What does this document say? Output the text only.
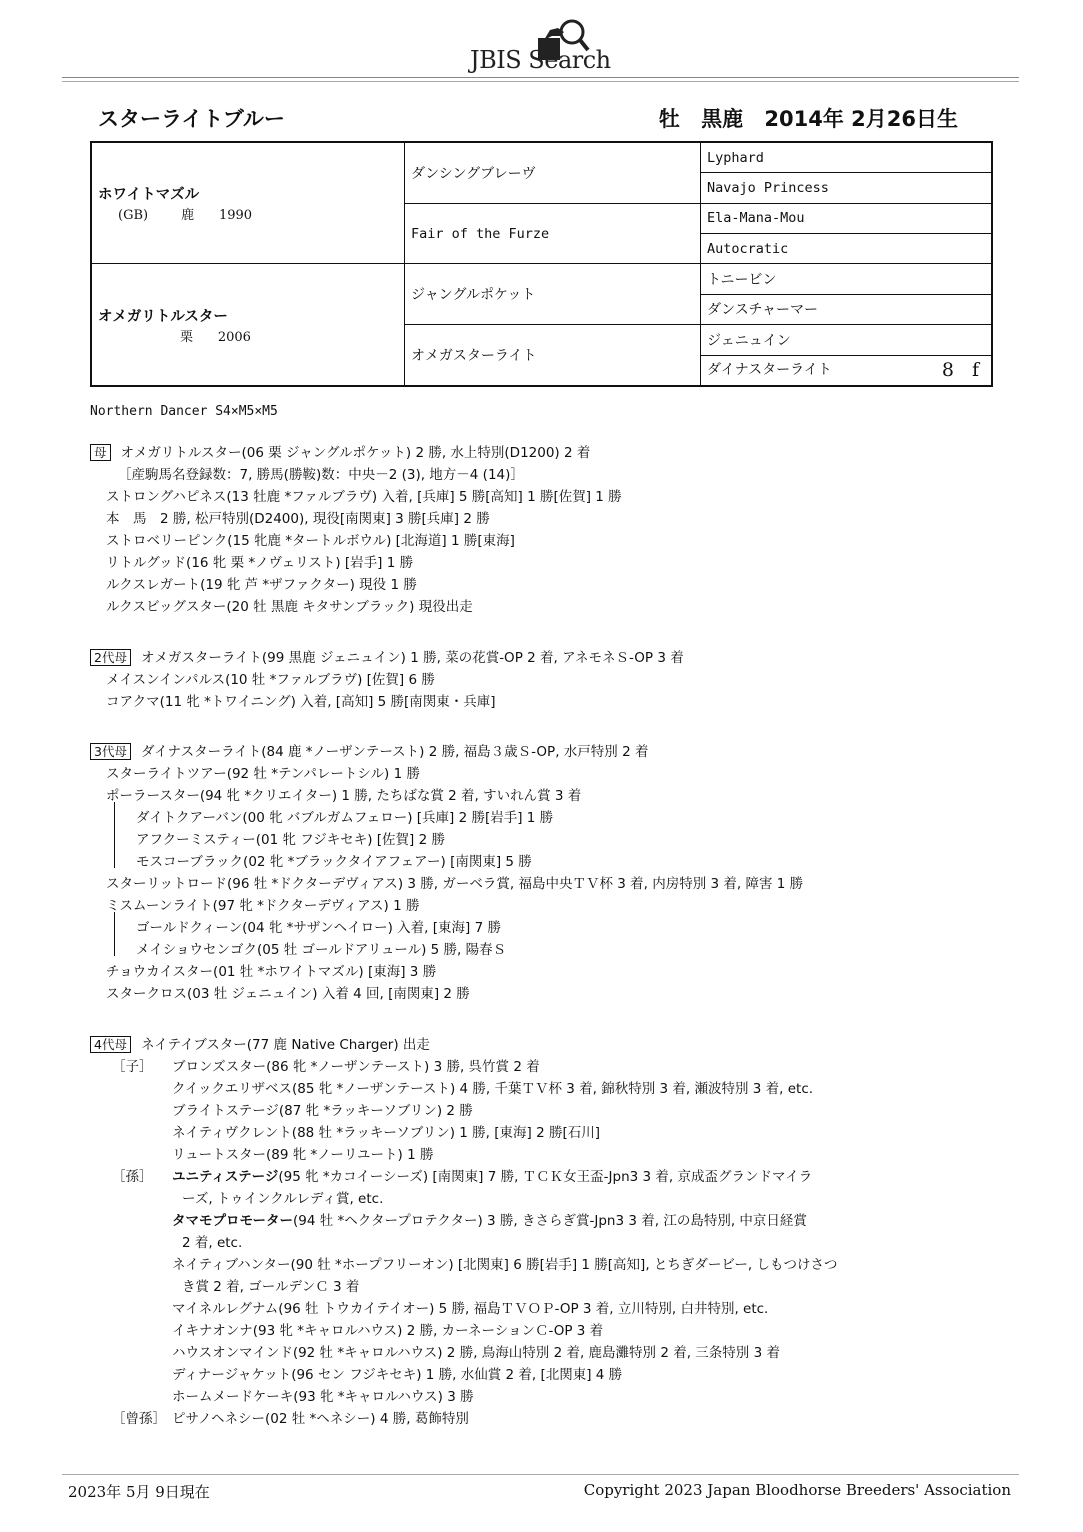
JBIS Search
スターライトブルー	牡 黒鹿 2014年 2月26日生
ホワイトマズル
(GB) 鹿 1990	ダンシングブレーヴ	Lyphard
		Navajo Princess
	Fair of the Furze	Ela-Mana-Mou
		Autocratic

オメガリトルスター
栗 2006	ジャングルポケット	トニービン
		ダンスチャーマー
	オメガスターライト	ジェニュイン

		ダイナスターライト 8 f
Northern Dancer S4×M5×M5
母 オメガリトルスター(06 栗 ジャングルポケット) 2 勝, 水上特別(D1200) 2 着
［産駒馬名登録数：7, 勝馬(勝鞍)数：中央－2 (3), 地方－4 (14)］
ストロングハピネス(13 牡鹿 *ファルブラヴ) 入着, [兵庫] 5 勝[高知] 1 勝[佐賀] 1 勝
本　馬　2 勝, 松戸特別(D2400), 現役[南関東] 3 勝[兵庫] 2 勝
ストロベリーピンク(15 牝鹿 *タートルボウル) [北海道] 1 勝[東海]
リトルグッド(16 牝 栗 *ノヴェリスト) [岩手] 1 勝
ルクスレガート(19 牝 芦 *ザファクター) 現役 1 勝
ルクスビッグスター(20 牡 黒鹿 キタサンブラック) 現役出走
2代母 オメガスターライト(99 黒鹿 ジェニュイン) 1 勝, 菜の花賞-OP 2 着, アネモネＳ-OP 3 着
メイスンインパルス(10 牡 *ファルブラヴ) [佐賀] 6 勝
コアクマ(11 牝 *トワイニング) 入着, [高知] 5 勝[南関東・兵庫]
3代母 ダイナスターライト(84 鹿 *ノーザンテースト) 2 勝, 福島３歳Ｓ-OP, 水戸特別 2 着
スターライトツアー(92 牡 *テンパレートシル) 1 勝
ポーラースター(94 牝 *クリエイター) 1 勝, たちばな賞 2 着, すいれん賞 3 着
ダイトクアーバン(00 牝 バブルガムフェロー) [兵庫] 2 勝[岩手] 1 勝
アフクーミスティー(01 牝 フジキセキ) [佐賀] 2 勝
モスコーブラック(02 牝 *ブラックタイアフェアー) [南関東] 5 勝
スターリットロード(96 牡 *ドクターデヴィアス) 3 勝, ガーベラ賞, 福島中央ＴＶ杯 3 着, 内房特別 3 着, 障害 1 勝
ミスムーンライト(97 牝 *ドクターデヴィアス) 1 勝
ゴールドクィーン(04 牝 *サザンヘイロー) 入着, [東海] 7 勝
メイショウセンゴク(05 牡 ゴールドアリュール) 5 勝, 陽春Ｓ
チョウカイスター(01 牡 *ホワイトマズル) [東海] 3 勝
スタークロス(03 牡 ジェニュイン) 入着 4 回, [南関東] 2 勝
4代母 ネイテイブスター(77 鹿 Native Charger) 出走
［子］ ブロンズスター(86 牝 *ノーザンテースト) 3 勝, 呉竹賞 2 着
クイックエリザベス(85 牝 *ノーザンテースト) 4 勝, 千葉ＴＶ杯 3 着, 錦秋特別 3 着, 瀬波特別 3 着, etc.
ブライトステージ(87 牝 *ラッキーソブリン) 2 勝
ネイティヴクレント(88 牡 *ラッキーソブリン) 1 勝, [東海] 2 勝[石川]
リュートスター(89 牝 *ノーリユート) 1 勝
［孫］ ユニティステージ(95 牝 *カコイーシーズ) [南関東] 7 勝, ＴＣＫ女王盃-Jpn3 3 着, 京成盃グランドマイラ
ーズ, トゥインクルレディ賞, etc.
タマモプロモーター(94 牡 *ヘクタープロテクター) 3 勝, きさらぎ賞-Jpn3 3 着, 江の島特別, 中京日経賞
2 着, etc.
ネイティブハンター(90 牡 *ホープフリーオン) [北関東] 6 勝[岩手] 1 勝[高知], とちぎダービー, しもつけさつ
き賞 2 着, ゴールデンＣ 3 着
マイネルレグナム(96 牡 トウカイテイオー) 5 勝, 福島ＴＶＯＰ-OP 3 着, 立川特別, 白井特別, etc.
イキナオンナ(93 牝 *キャロルハウス) 2 勝, カーネーションＣ-OP 3 着
ハウスオンマインド(92 牡 *キャロルハウス) 2 勝, 鳥海山特別 2 着, 鹿島灘特別 2 着, 三条特別 3 着
ディナージャケット(96 セン フジキセキ) 1 勝, 水仙賞 2 着, [北関東] 4 勝
ホームメードケーキ(93 牝 *キャロルハウス) 3 勝
［曾孫］ ピサノヘネシー(02 牡 *ヘネシー) 4 勝, 葛飾特別
2023年 5月 9日現在	Copyright 2023 Japan Bloodhorse Breeders' Association
